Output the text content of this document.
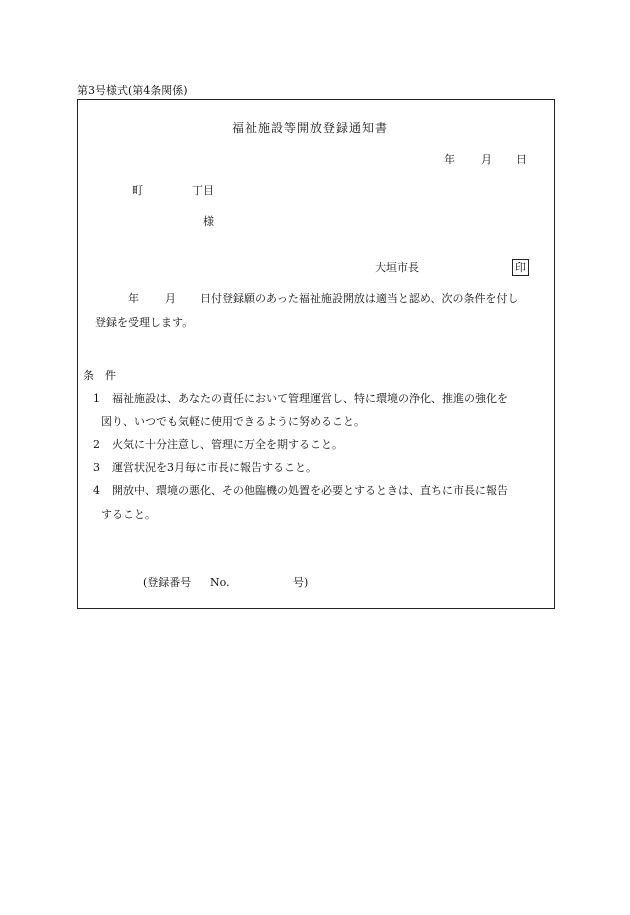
第3号様式(第4条関係)
福祉施設等開放登録通知書
年 月 日
町	丁目
様
大垣市長	印
年 月 日付登録願のあった福祉施設開放は適当と認め、次の条件を付し
登録を受理します。
条　件
1 福祉施設は、あなたの責任において管理運営し、特に環境の浄化、推進の強化を
図り、いつでも気軽に使用できるように努めること。
2 火気に十分注意し、管理に万全を期すること。
3 運営状況を3月毎に市長に報告すること。
4 開放中、環境の悪化、その他臨機の処置を必要とするときは、直ちに市長に報告
すること。
(登録番号 No.	号)
